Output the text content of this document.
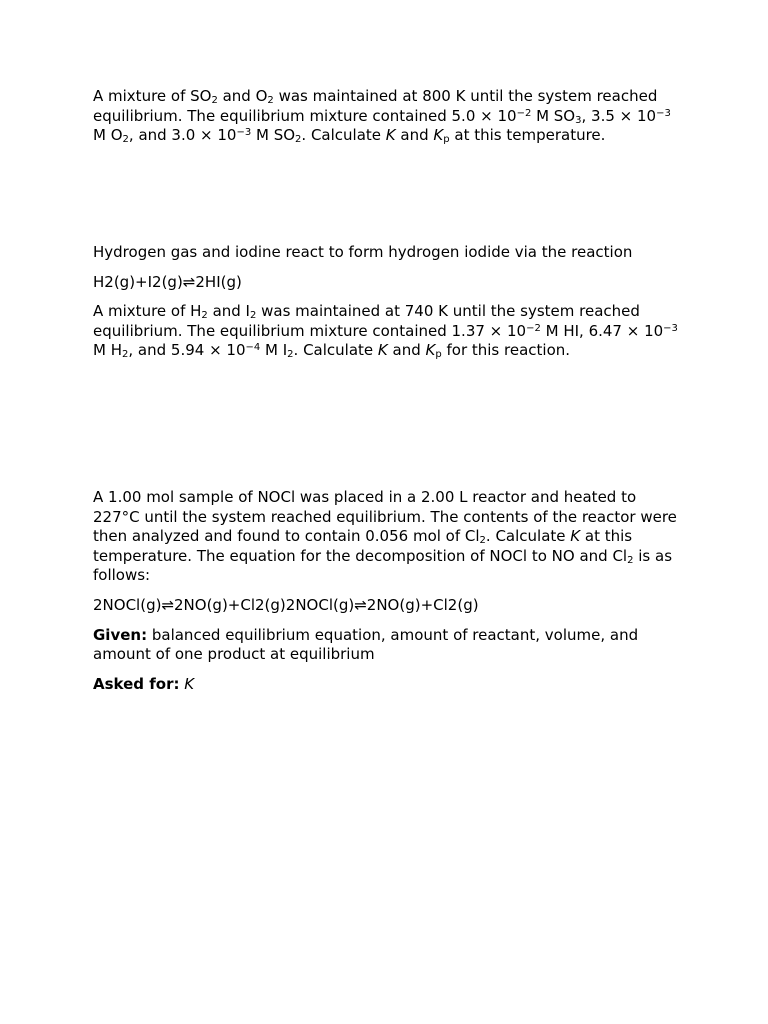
A mixture of $SO_2$ and $O_2$ was maintained at 800 K until the system reached equilibrium. The equilibrium mixture contained $5.0 \times 10^{-2}$ M $SO_3$, $3.5 \times 10^{-3}$ M $O_2$, and $3.0 \times 10^{-3}$ M $SO_2$. Calculate K and $K_p$ at this temperature.

Hydrogen gas and iodine react to form hydrogen iodide via the reaction

H2(g)+I2(g)⇌2HI(g)

A mixture of $H_2$ and $I_2$ was maintained at 740 K until the system reached equilibrium. The equilibrium mixture contained $1.37 \times 10^{-2}$ M HI, $6.47 \times 10^{-3}$ M $H_2$, and $5.94 \times 10^{-4}$ M $I_2$. Calculate K and $K_p$ for this reaction.

A 1.00 mol sample of NOCl was placed in a 2.00 L reactor and heated to 227°C until the system reached equilibrium. The contents of the reactor were then analyzed and found to contain 0.056 mol of $Cl_2$. Calculate K at this temperature. The equation for the decomposition of NOCl to NO and $Cl_2$ is as follows:

2NOCl(g)⇌2NO(g)+Cl2(g)2NOCl(g)⇌2NO(g)+Cl2(g)

Given: balanced equilibrium equation, amount of reactant, volume, and amount of one product at equilibrium

Asked for: K
